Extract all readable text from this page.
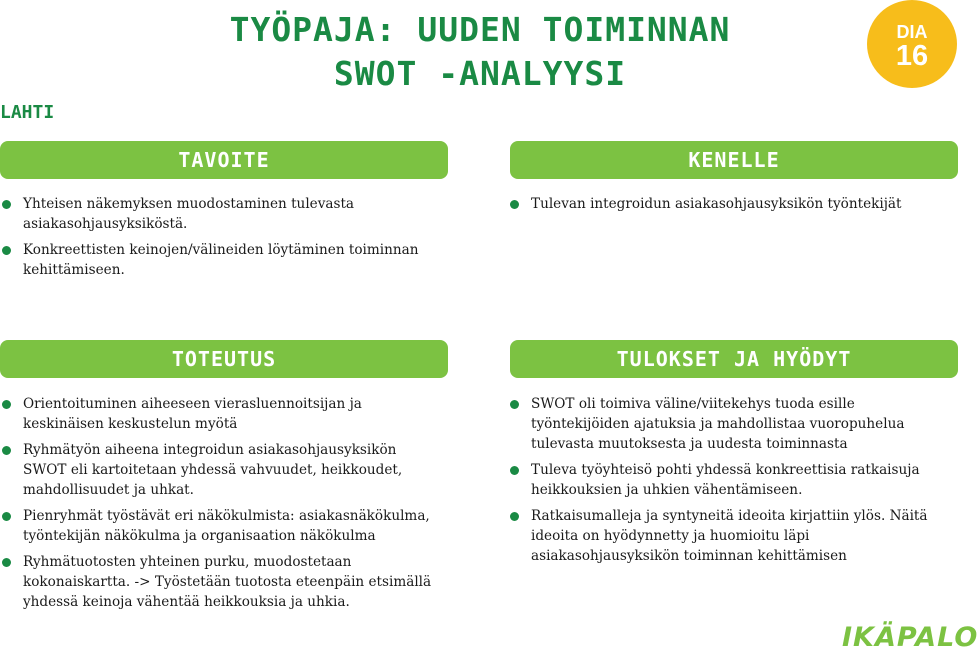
TYÖPAJA: UUDEN TOIMINNAN
SWOT -ANALYYSI
DIA
16
LAHTI
TAVOITE
Yhteisen näkemyksen muodostaminen tulevasta asiakasohjausyksiköstä.
Konkreettisten keinojen/välineiden löytäminen toiminnan kehittämiseen.
KENELLE
Tulevan integroidun asiakasohjausyksikön työntekijät
TOTEUTUS
Orientoituminen aiheeseen vierasluennoitsijan ja keskinäisen keskustelun myötä
Ryhmätyön aiheena integroidun asiakasohjausyksikön SWOT eli kartoitetaan yhdessä vahvuudet, heikkoudet, mahdollisuudet ja uhkat.
Pienryhmät työstävät eri näkökulmista: asiakasnäkökulma, työntekijän näkökulma ja organisaation näkökulma
Ryhmätuotosten yhteinen purku, muodostetaan kokonaiskartta. -> Työstetään tuotosta eteenpäin etsimällä yhdessä keinoja vähentää heikkouksia ja uhkia.
TULOKSET JA HYÖDYT
SWOT oli toimiva väline/viitekehys tuoda esille työntekijöiden ajatuksia ja mahdollistaa vuoropuhelua tulevasta muutoksesta ja uudesta toiminnasta
Tuleva työyhteisö pohti yhdessä konkreettisia ratkaisuja heikkouksien ja uhkien vähentämiseen.
Ratkaisumalleja ja syntyneitä ideoita kirjattiin ylös. Näitä ideoita on hyödynnetty ja huomioitu läpi asiakasohjausyksikön toiminnan kehittämisen
IKÄPALO
